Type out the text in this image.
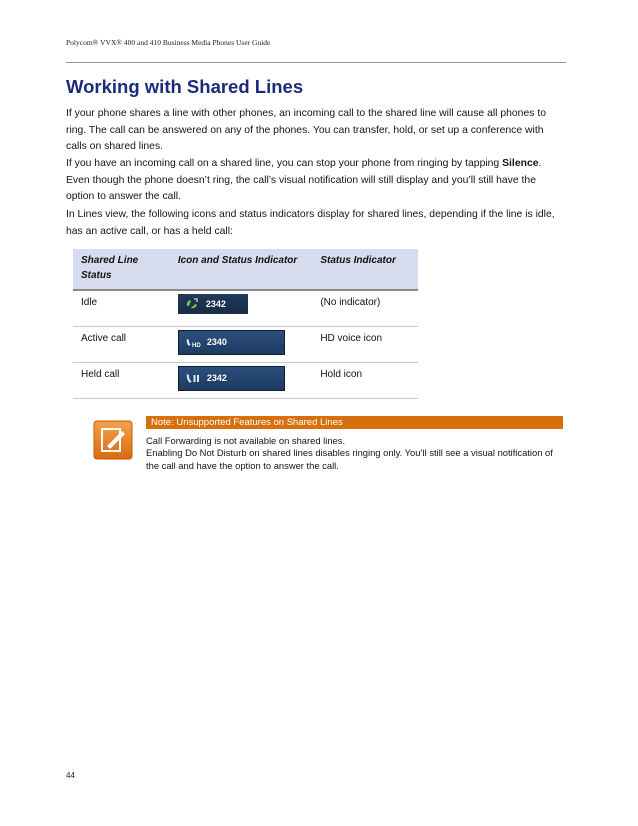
Polycom® VVX® 400 and 410 Business Media Phones User Guide
Working with Shared Lines

If your phone shares a line with other phones, an incoming call to the shared line will cause all phones to ring. The call can be answered on any of the phones. You can transfer, hold, or set up a conference with calls on shared lines.

If you have an incoming call on a shared line, you can stop your phone from ringing by tapping Silence. Even though the phone doesn’t ring, the call’s visual notification will still display and you’ll still have the option to answer the call.

In Lines view, the following icons and status indicators display for shared lines, depending if the line is idle, has an active call, or has a held call:

Shared Line Status	Icon and Status Indicator	Status Indicator
Idle	2342	(No indicator)
Active call	HD 2340	HD voice icon
Held call	2342	Hold icon
Note: Unsupported Features on Shared Lines

Call Forwarding is not available on shared lines.
Enabling Do Not Disturb on shared lines disables ringing only. You’ll still see a visual notification of the call and have the option to answer the call.

44
